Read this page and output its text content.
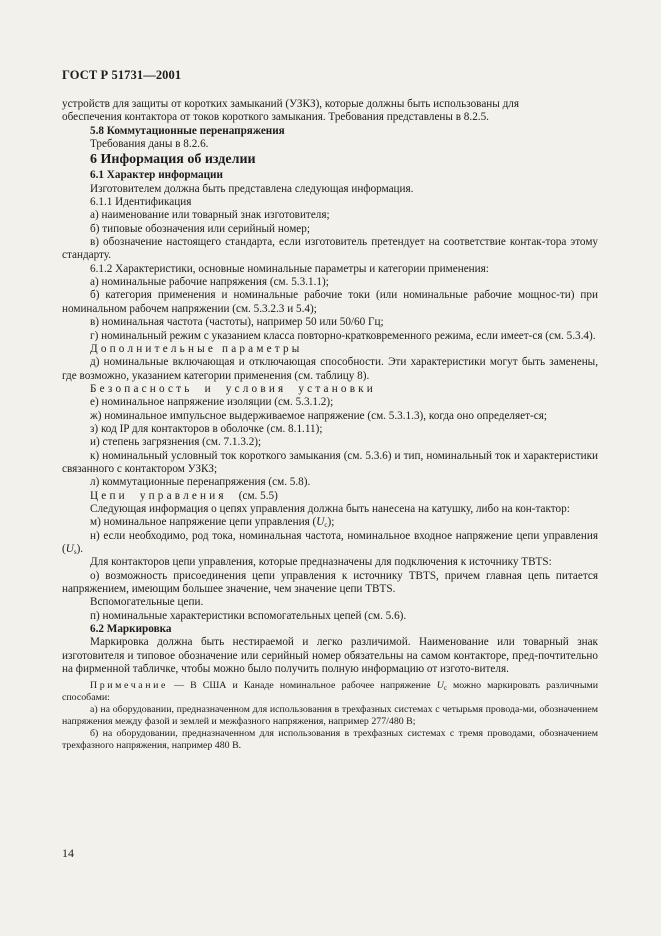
ГОСТ Р 51731—2001

устройств для защиты от коротких замыканий (УЗКЗ), которые должны быть использованы для

обеспечения контактора от токов короткого замыкания. Требования представлены в 8.2.5.

5.8 Коммутационные перенапряжения

Требования даны в 8.2.6.

6 Информация об изделии

6.1 Характер информации

Изготовителем должна быть представлена следующая информация.

6.1.1 Идентификация

а) наименование или товарный знак изготовителя;

б) типовые обозначения или серийный номер;

в) обозначение настоящего стандарта, если изготовитель претендует на соответствие контак-тора этому стандарту.

6.1.2 Характеристики, основные номинальные параметры и категории применения:

а) номинальные рабочие напряжения (см. 5.3.1.1);

б) категория применения и номинальные рабочие токи (или номинальные рабочие мощнос-ти) при номинальном рабочем напряжении (см. 5.3.2.3 и 5.4);

в) номинальная частота (частоты), например 50 или 50/60 Гц;

г) номинальный режим с указанием класса повторно-кратковременного режима, если имеет-ся (см. 5.3.4).

Дополнительные параметры

д) номинальные включающая и отключающая способности. Эти характеристики могут быть заменены, где возможно, указанием категории применения (см. таблицу 8).

Безопасность и условия установки

е) номинальное напряжение изоляции (см. 5.3.1.2);

ж) номинальное импульсное выдерживаемое напряжение (см. 5.3.1.3), когда оно определяет-ся;

з) код IP для контакторов в оболочке (см. 8.1.11);

и) степень загрязнения (см. 7.1.3.2);

к) номинальный условный ток короткого замыкания (см. 5.3.6) и тип, номинальный ток и характеристики связанного с контактором УЗКЗ;

л) коммутационные перенапряжения (см. 5.8).

Цепи управления (см. 5.5)

Следующая информация о цепях управления должна быть нанесена на катушку, либо на кон-тактор:

м) номинальное напряжение цепи управления $(U_c)$;

н) если необходимо, род тока, номинальная частота, номинальное входное напряжение цепи управления $(U_s)$.

Для контакторов цепи управления, которые предназначены для подключения к источнику TBTS:

о) возможность присоединения цепи управления к источнику TBTS, причем главная цепь питается напряжением, имеющим большее значение, чем значение цепи TBTS.

Вспомогательные цепи.

п) номинальные характеристики вспомогательных цепей (см. 5.6).

6.2 Маркировка

Маркировка должна быть нестираемой и легко различимой. Наименование или товарный знак изготовителя и типовое обозначение или серийный номер обязательны на самом контакторе, пред-почтительно на фирменной табличке, чтобы можно было получить полную информацию от изгото-вителя.

Примечание — В США и Канаде номинальное рабочее напряжение $U_c$ можно маркировать различными способами:

а) на оборудовании, предназначенном для использования в трехфазных системах с четырьмя провода-ми, обозначением напряжения между фазой и землей и межфазного напряжения, например 277/480 В;

б) на оборудовании, предназначенном для использования в трехфазных системах с тремя проводами, обозначением трехфазного напряжения, например 480 В.

14
